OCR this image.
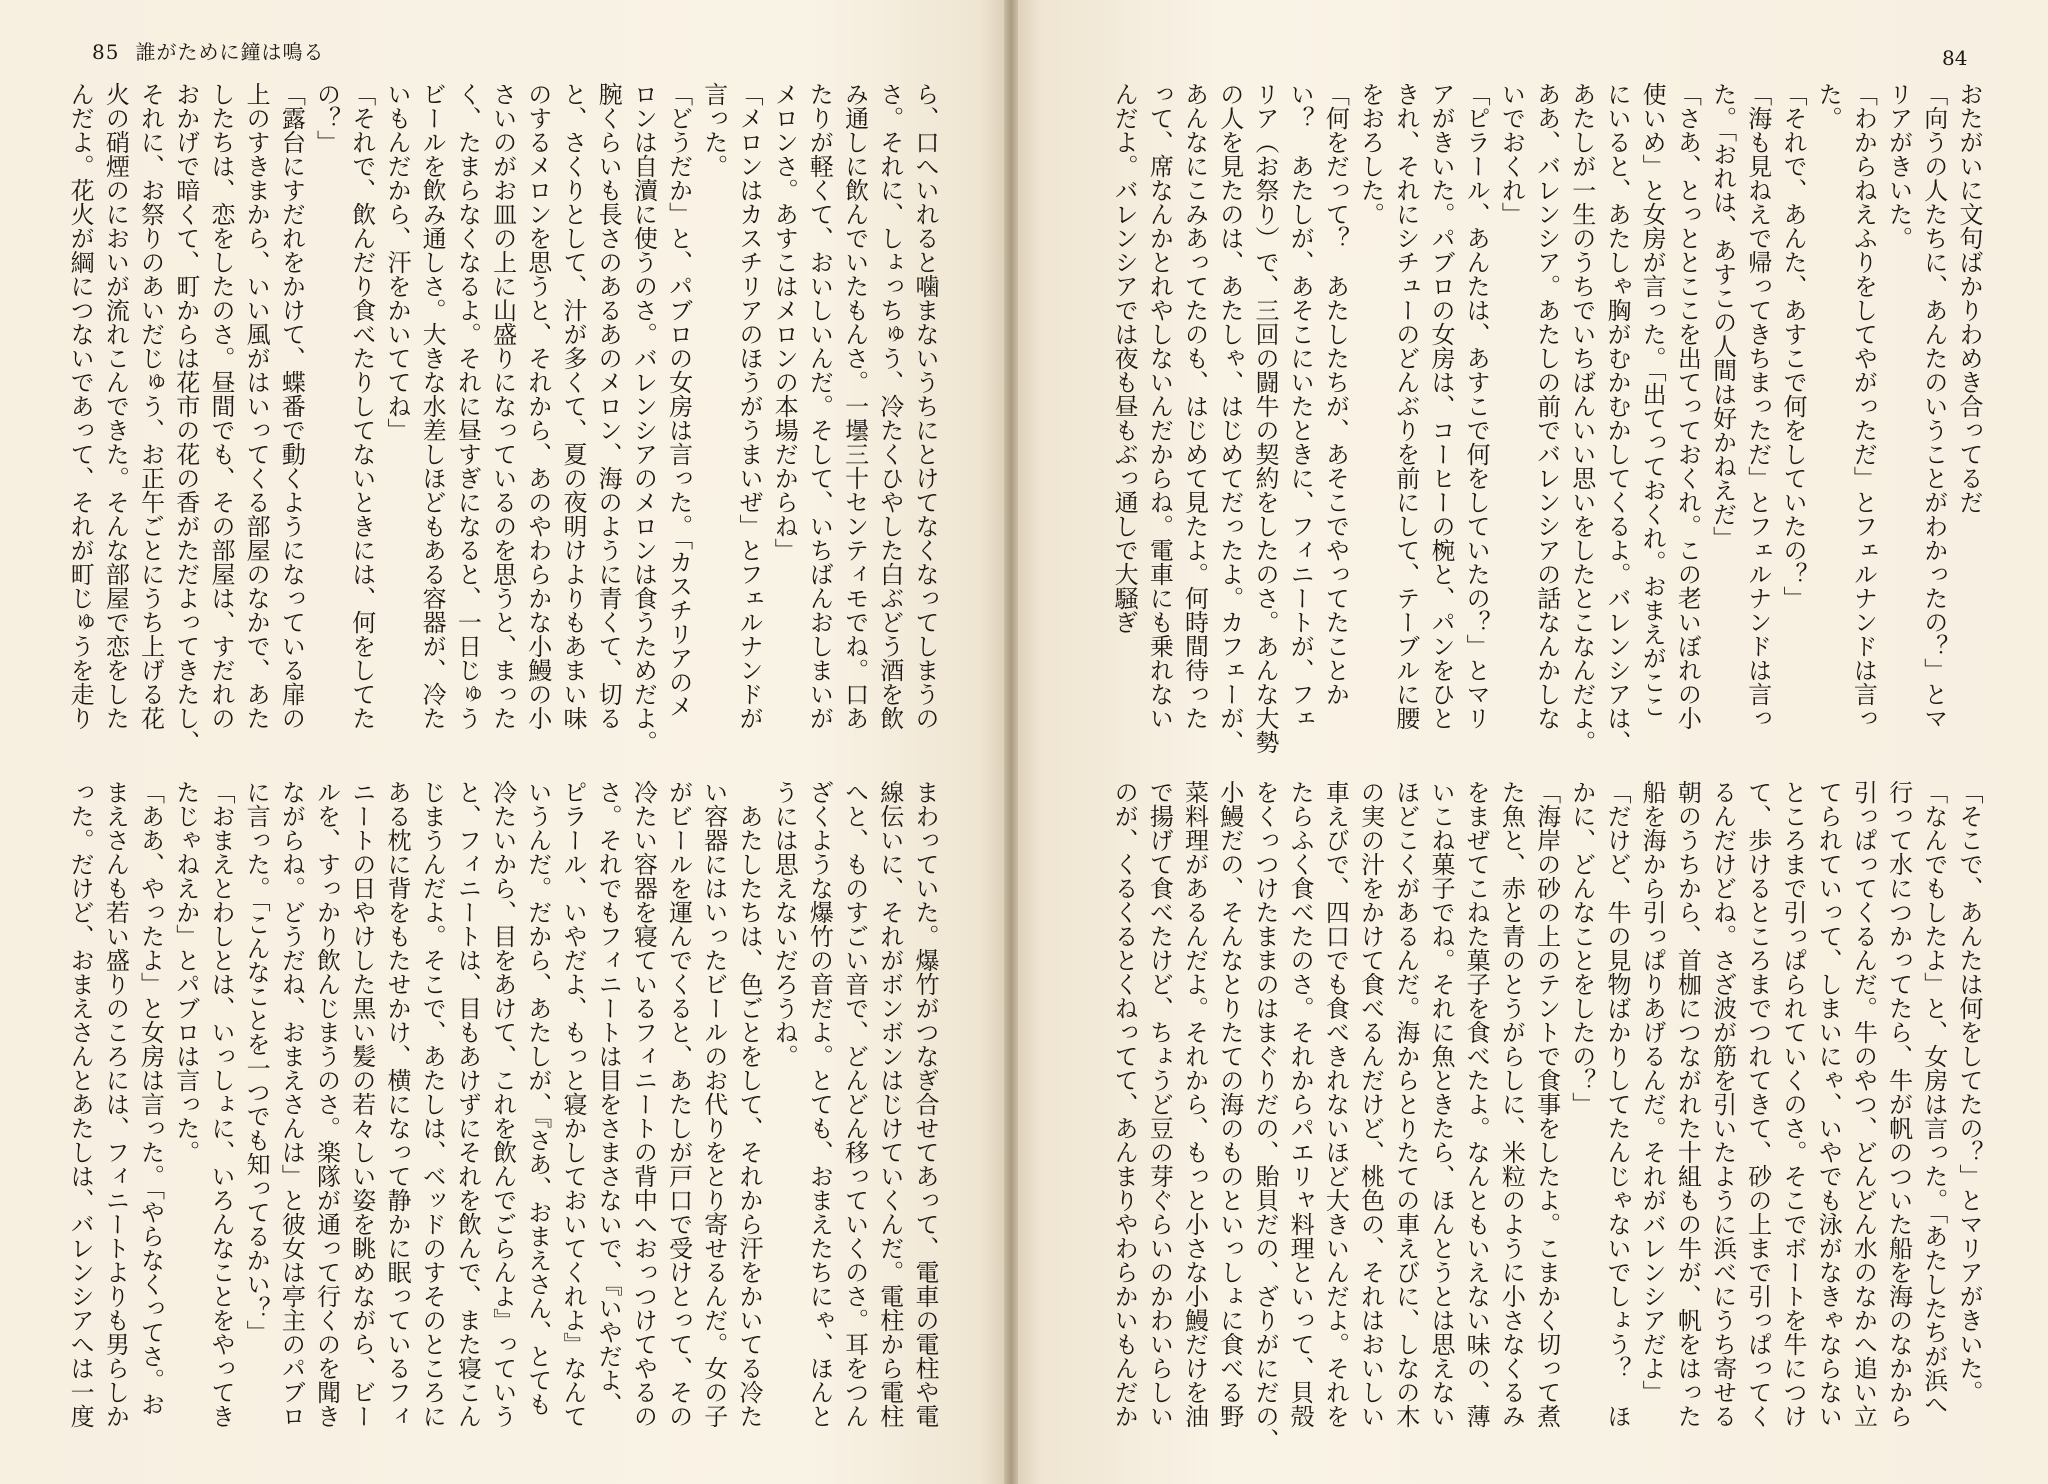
85 誰がために鐘は鳴る	84
おたがいに文句ばかりわめき合ってるだ
「向うの人たちに、あんたのいうことがわかったの？」とマ
リアがきいた。
「わからねえふりをしてやがっただ」とフェルナンドは言っ
た。
「それで、あんた、あすこで何をしていたの？」
「海も見ねえで帰ってきちまっただ」とフェルナンドは言っ
た。「おれは、あすこの人間は好かねえだ」
「さあ、とっととここを出てっておくれ。この老いぼれの小
使いめ」と女房が言った。「出てっておくれ。おまえがここ
にいると、あたしゃ胸がむかむかしてくるよ。バレンシアは、
あたしが一生のうちでいちばんいい思いをしたとこなんだよ。
ああ、バレンシア。あたしの前でバレンシアの話なんかしな
いでおくれ」
「ピラール、あんたは、あすこで何をしていたの？」とマリ
アがきいた。パブロの女房は、コーヒーの椀と、パンをひと
きれ、それにシチューのどんぶりを前にして、テーブルに腰
をおろした。
「何をだって？　あたしたちが、あそこでやってたことか
い？　あたしが、あそこにいたときに、フィニートが、フェ
リア（お祭り）で、三回の闘牛の契約をしたのさ。あんな大勢
の人を見たのは、あたしゃ、はじめてだったよ。カフェーが、
あんなにこみあってたのも、はじめて見たよ。何時間待った
って、席なんかとれやしないんだからね。電車にも乗れない
んだよ。バレンシアでは夜も昼もぶっ通しで大騒ぎ
「そこで、あんたは何をしてたの？」とマリアがきいた。
「なんでもしたよ」と、女房は言った。「あたしたちが浜へ
行って水につかってたら、牛が帆のついた船を海のなかから
引っぱってくるんだ。牛のやつ、どんどん水のなかへ追い立
てられていって、しまいにゃ、いやでも泳がなきゃならない
ところまで引っぱられていくのさ。そこでボートを牛につけ
て、歩けるところまでつれてきて、砂の上まで引っぱってく
るんだけどね。さざ波が筋を引いたように浜べにうち寄せる
朝のうちから、首枷につながれた十組もの牛が、帆をはった
船を海から引っぱりあげるんだ。それがバレンシアだよ」
「だけど、牛の見物ばかりしてたんじゃないでしょう？　ほ
かに、どんなことをしたの？」
「海岸の砂の上のテントで食事をしたよ。こまかく切って煮
た魚と、赤と青のとうがらしに、米粒のように小さなくるみ
をまぜてこねた菓子を食べたよ。なんともいえない味の、薄
いこね菓子でね。それに魚ときたら、ほんとうとは思えない
ほどこくがあるんだ。海からとりたての車えびに、しなの木
の実の汁をかけて食べるんだけど、桃色の、それはおいしい
車えびで、四口でも食べきれないほど大きいんだよ。それを
たらふく食べたのさ。それからパエリャ料理といって、貝殻
をくっつけたままのはまぐりだの、貽貝だの、ざりがにだの、
小鰻だの、そんなとりたての海のものといっしょに食べる野
菜料理があるんだよ。それから、もっと小さな小鰻だけを油
で揚げて食べたけど、ちょうど豆の芽ぐらいのかわいらしい
のが、くるくるとくねってて、あんまりやわらかいもんだか
ら、口へいれると噛まないうちにとけてなくなってしまうの
さ。それに、しょっちゅう、冷たくひやした白ぶどう酒を飲
み通しに飲んでいたもんさ。一壜三十センティモでね。口あ
たりが軽くて、おいしいんだ。そして、いちばんおしまいが
メロンさ。あすこはメロンの本場だからね」
「メロンはカスチリアのほうがうまいぜ」とフェルナンドが
言った。
「どうだか」と、パブロの女房は言った。「カスチリアのメ
ロンは自瀆に使うのさ。バレンシアのメロンは食うためだよ。
腕くらいも長さのあるあのメロン、海のように青くて、切る
と、さくりとして、汁が多くて、夏の夜明けよりもあまい味
のするメロンを思うと、それから、あのやわらかな小鰻の小
さいのがお皿の上に山盛りになっているのを思うと、まった
く、たまらなくなるよ。それに昼すぎになると、一日じゅう
ビールを飲み通しさ。大きな水差しほどもある容器が、冷た
いもんだから、汗をかいててね」
「それで、飲んだり食べたりしてないときには、何をしてた
の？」
「露台にすだれをかけて、蝶番で動くようになっている扉の
上のすきまから、いい風がはいってくる部屋のなかで、あた
したちは、恋をしたのさ。昼間でも、その部屋は、すだれの
おかげで暗くて、町からは花市の花の香がただよってきたし、
それに、お祭りのあいだじゅう、お正午ごとにうち上げる花
火の硝煙のにおいが流れこんできた。そんな部屋で恋をした
んだよ。花火が綱につないであって、それが町じゅうを走り
まわっていた。爆竹がつなぎ合せてあって、電車の電柱や電
線伝いに、それがボンボンはじけていくんだ。電柱から電柱
へと、ものすごい音で、どんどん移っていくのさ。耳をつん
ざくような爆竹の音だよ。とても、おまえたちにゃ、ほんと
うには思えないだろうね。
　あたしたちは、色ごとをして、それから汗をかいてる冷た
い容器にはいったビールのお代りをとり寄せるんだ。女の子
がビールを運んでくると、あたしが戸口で受けとって、その
冷たい容器を寝ているフィニートの背中へおっつけてやるの
さ。それでもフィニートは目をさまさないで、『いやだよ、
ピラール、いやだよ、もっと寝かしておいてくれよ』なんて
いうんだ。だから、あたしが、『さあ、おまえさん、とても
冷たいから、目をあけて、これを飲んでごらんよ』っていう
と、フィニートは、目もあけずにそれを飲んで、また寝こん
じまうんだよ。そこで、あたしは、ベッドのすそのところに
ある枕に背をもたせかけ、横になって静かに眠っているフィ
ニートの日やけした黒い髪の若々しい姿を眺めながら、ビー
ルを、すっかり飲んじまうのさ。楽隊が通って行くのを聞き
ながらね。どうだね、おまえさんは」と彼女は亭主のパブロ
に言った。「こんなことを一つでも知ってるかい？」
「おまえとわしとは、いっしょに、いろんなことをやってき
たじゃねえか」とパブロは言った。
「ああ、やったよ」と女房は言った。「やらなくってさ。お
まえさんも若い盛りのころには、フィニートよりも男らしか
った。だけど、おまえさんとあたしは、バレンシアへは一度
